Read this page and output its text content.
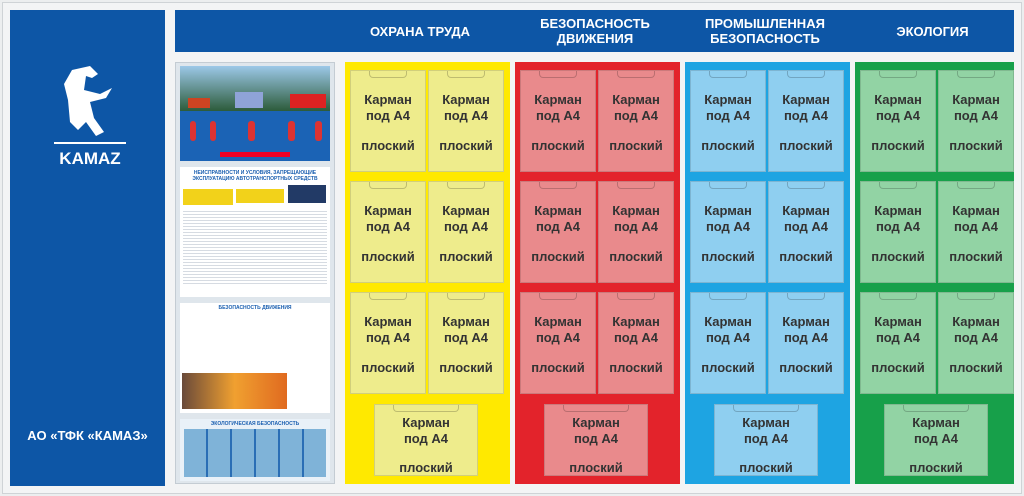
KAMAZ
АО «ТФК «КАМАЗ»
ОХРАНА ТРУДА	БЕЗОПАСНОСТЬ ДВИЖЕНИЯ
ПРОМЫШЛЕННАЯ БЕЗОПАСНОСТЬ	ЭКОЛОГИЯ
НЕИСПРАВНОСТИ И УСЛОВИЯ, ЗАПРЕЩАЮЩИЕ ЭКСПЛУАТАЦИЮ АВТОТРАНСПОРТНЫХ СРЕДСТВ
БЕЗОПАСНОСТЬ ДВИЖЕНИЯ
ЭКОЛОГИЧЕСКАЯ БЕЗОПАСНОСТЬ
Карман
под А4
плоский
Карман
под А4
плоский
Карман
под А4
плоский
Карман
под А4
плоский
Карман
под А4
плоский
Карман
под А4
плоский
Карман
под А4
плоский
Карман
под А4
плоский
Карман
под А4
плоский
Карман
под А4
плоский
Карман
под А4
плоский
Карман
под А4
плоский
Карман
под А4
плоский
Карман
под А4
плоский
Карман
под А4
плоский
Карман
под А4
плоский
Карман
под А4
плоский
Карман
под А4
плоский
Карман
под А4
плоский
Карман
под А4
плоский
Карман
под А4
плоский
Карман
под А4
плоский
Карман
под А4
плоский
Карман
под А4
плоский
Карман
под А4
плоский
Карман
под А4
плоский
Карман
под А4
плоский
Карман
под А4
плоский
